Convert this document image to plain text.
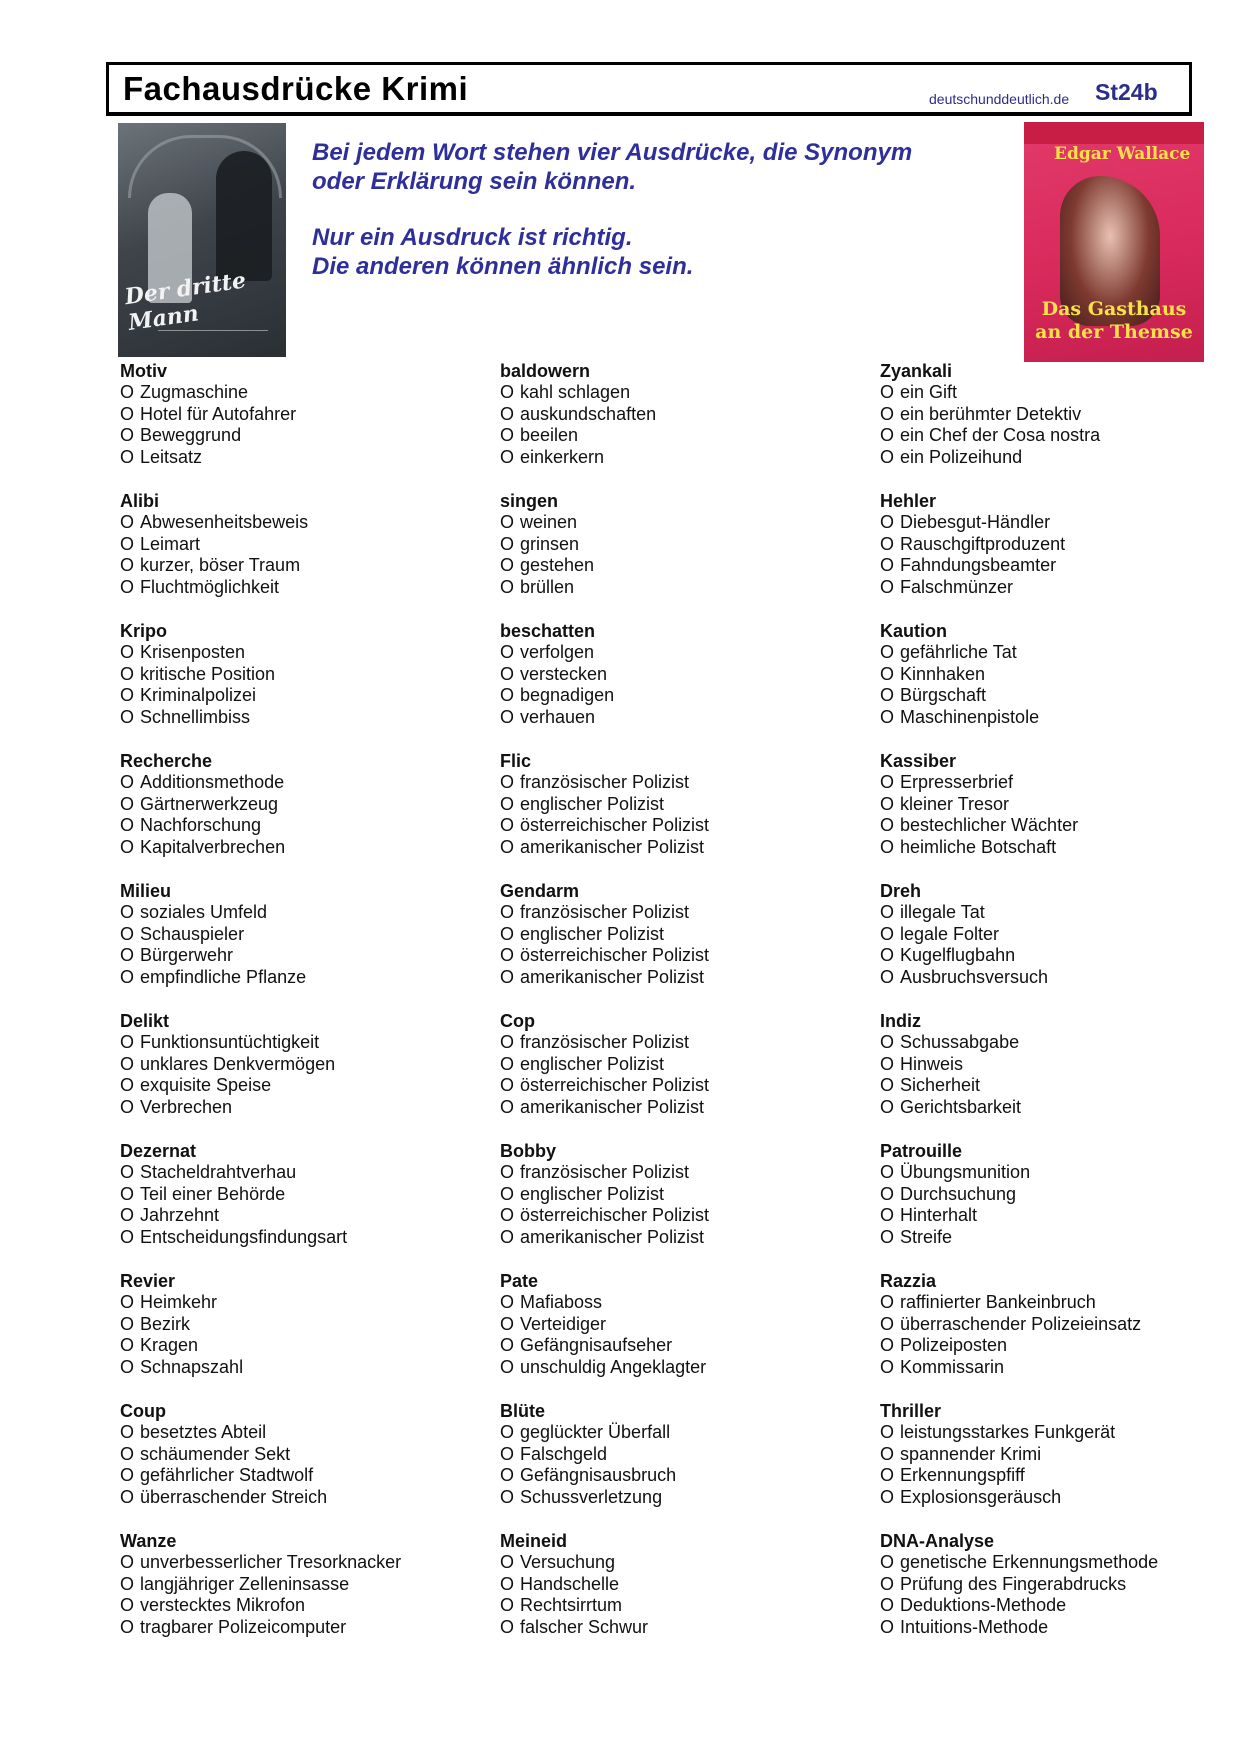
Fachausdrücke Krimi	deutschunddeutlich.de St24b
Der dritte Mann
Edgar Wallace
Das Gasthaus
an der Themse

Bei jedem Wort stehen vier Ausdrücke, die Synonym
oder Erklärung sein können.

Nur ein Ausdruck ist richtig.
Die anderen können ähnlich sein.

Motiv
O Zugmaschine
O Hotel für Autofahrer
O Beweggrund
O Leitsatz
Alibi
O Abwesenheitsbeweis
O Leimart
O kurzer, böser Traum
O Fluchtmöglichkeit
Kripo
O Krisenposten
O kritische Position
O Kriminalpolizei
O Schnellimbiss
Recherche
O Additionsmethode
O Gärtnerwerkzeug
O Nachforschung
O Kapitalverbrechen
Milieu
O soziales Umfeld
O Schauspieler
O Bürgerwehr
O empfindliche Pflanze
Delikt
O Funktionsuntüchtigkeit
O unklares Denkvermögen
O exquisite Speise
O Verbrechen
Dezernat
O Stacheldrahtverhau
O Teil einer Behörde
O Jahrzehnt
O Entscheidungsfindungsart
Revier
O Heimkehr
O Bezirk
O Kragen
O Schnapszahl
Coup
O besetztes Abteil
O schäumender Sekt
O gefährlicher Stadtwolf
O überraschender Streich
Wanze
O unverbesserlicher Tresorknacker
O langjähriger Zelleninsasse
O verstecktes Mikrofon
O tragbarer Polizeicomputer
baldowern
O kahl schlagen
O auskundschaften
O beeilen
O einkerkern
singen
O weinen
O grinsen
O gestehen
O brüllen
beschatten
O verfolgen
O verstecken
O begnadigen
O verhauen
Flic
O französischer Polizist
O englischer Polizist
O österreichischer Polizist
O amerikanischer Polizist
Gendarm
O französischer Polizist
O englischer Polizist
O österreichischer Polizist
O amerikanischer Polizist
Cop
O französischer Polizist
O englischer Polizist
O österreichischer Polizist
O amerikanischer Polizist
Bobby
O französischer Polizist
O englischer Polizist
O österreichischer Polizist
O amerikanischer Polizist
Pate
O Mafiaboss
O Verteidiger
O Gefängnisaufseher
O unschuldig Angeklagter
Blüte
O geglückter Überfall
O Falschgeld
O Gefängnisausbruch
O Schussverletzung
Meineid
O Versuchung
O Handschelle
O Rechtsirrtum
O falscher Schwur
Zyankali
O ein Gift
O ein berühmter Detektiv
O ein Chef der Cosa nostra
O ein Polizeihund
Hehler
O Diebesgut-Händler
O Rauschgiftproduzent
O Fahndungsbeamter
O Falschmünzer
Kaution
O gefährliche Tat
O Kinnhaken
O Bürgschaft
O Maschinenpistole
Kassiber
O Erpresserbrief
O kleiner Tresor
O bestechlicher Wächter
O heimliche Botschaft
Dreh
O illegale Tat
O legale Folter
O Kugelflugbahn
O Ausbruchsversuch
Indiz
O Schussabgabe
O Hinweis
O Sicherheit
O Gerichtsbarkeit
Patrouille
O Übungsmunition
O Durchsuchung
O Hinterhalt
O Streife
Razzia
O raffinierter Bankeinbruch
O überraschender Polizeieinsatz
O Polizeiposten
O Kommissarin
Thriller
O leistungsstarkes Funkgerät
O spannender Krimi
O Erkennungspfiff
O Explosionsgeräusch
DNA-Analyse
O genetische Erkennungsmethode
O Prüfung des Fingerabdrucks
O Deduktions-Methode
O Intuitions-Methode
